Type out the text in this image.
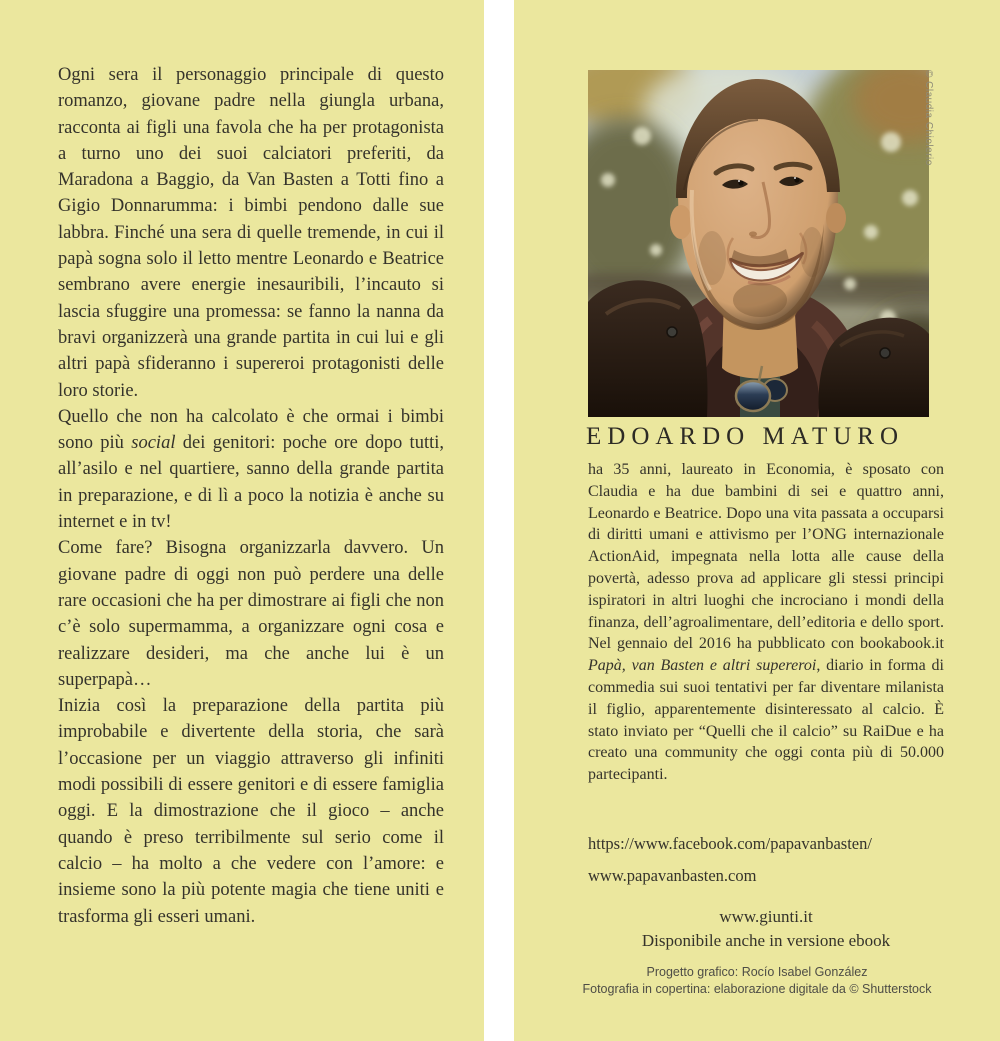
Ogni sera il personaggio principale di questo romanzo, giovane padre nella giungla urbana, racconta ai figli una favola che ha per protagonista a turno uno dei suoi calciatori preferiti, da Maradona a Baggio, da Van Basten a Totti fino a Gigio Donnarumma: i bimbi pendono dalle sue labbra. Finché una sera di quelle tremende, in cui il papà sogna solo il letto mentre Leonardo e Beatrice sembrano avere energie inesauribili, l’incauto si lascia sfuggire una promessa: se fanno la nanna da bravi organizzerà una grande partita in cui lui e gli altri papà sfideranno i supereroi protagonisti delle loro storie.

Quello che non ha calcolato è che ormai i bimbi sono più social dei genitori: poche ore dopo tutti, all’asilo e nel quartiere, sanno della grande partita in preparazione, e di lì a poco la notizia è anche su internet e in tv!

Come fare? Bisogna organizzarla davvero. Un giovane padre di oggi non può perdere una delle rare occasioni che ha per dimostrare ai figli che non c’è solo supermamma, a organizzare ogni cosa e realizzare desideri, ma che anche lui è un superpapà…

Inizia così la preparazione della partita più improbabile e divertente della storia, che sarà l’occasione per un viaggio attraverso gli infiniti modi possibili di essere genitori e di essere famiglia oggi. E la dimostrazione che il gioco – anche quando è preso terribilmente sul serio come il calcio – ha molto a che vedere con l’amore: e insieme sono la più potente magia che tiene uniti e trasforma gli esseri umani.

© Claudia Chiolerio
EDOARDO MATURO

ha 35 anni, laureato in Economia, è sposato con Claudia e ha due bambini di sei e quattro anni, Leonardo e Beatrice. Dopo una vita passata a occuparsi di diritti umani e attivismo per l’ONG internazionale ActionAid, impegnata nella lotta alle cause della povertà, adesso prova ad applicare gli stessi principi ispiratori in altri luoghi che incrociano i mondi della finanza, dell’agroalimentare, dell’editoria e dello sport. Nel gennaio del 2016 ha pubblicato con bookabook.it Papà, van Basten e altri supereroi, diario in forma di commedia sui suoi tentativi per far diventare milanista il figlio, apparentemente disinteressato al calcio. È stato inviato per “Quelli che il calcio” su RaiDue e ha creato una community che oggi conta più di 50.000 partecipanti.

https://www.facebook.com/papavanbasten/

www.papavanbasten.com

www.giunti.it

Disponibile anche in versione ebook

Progetto grafico: Rocío Isabel González

Fotografia in copertina: elaborazione digitale da © Shutterstock
